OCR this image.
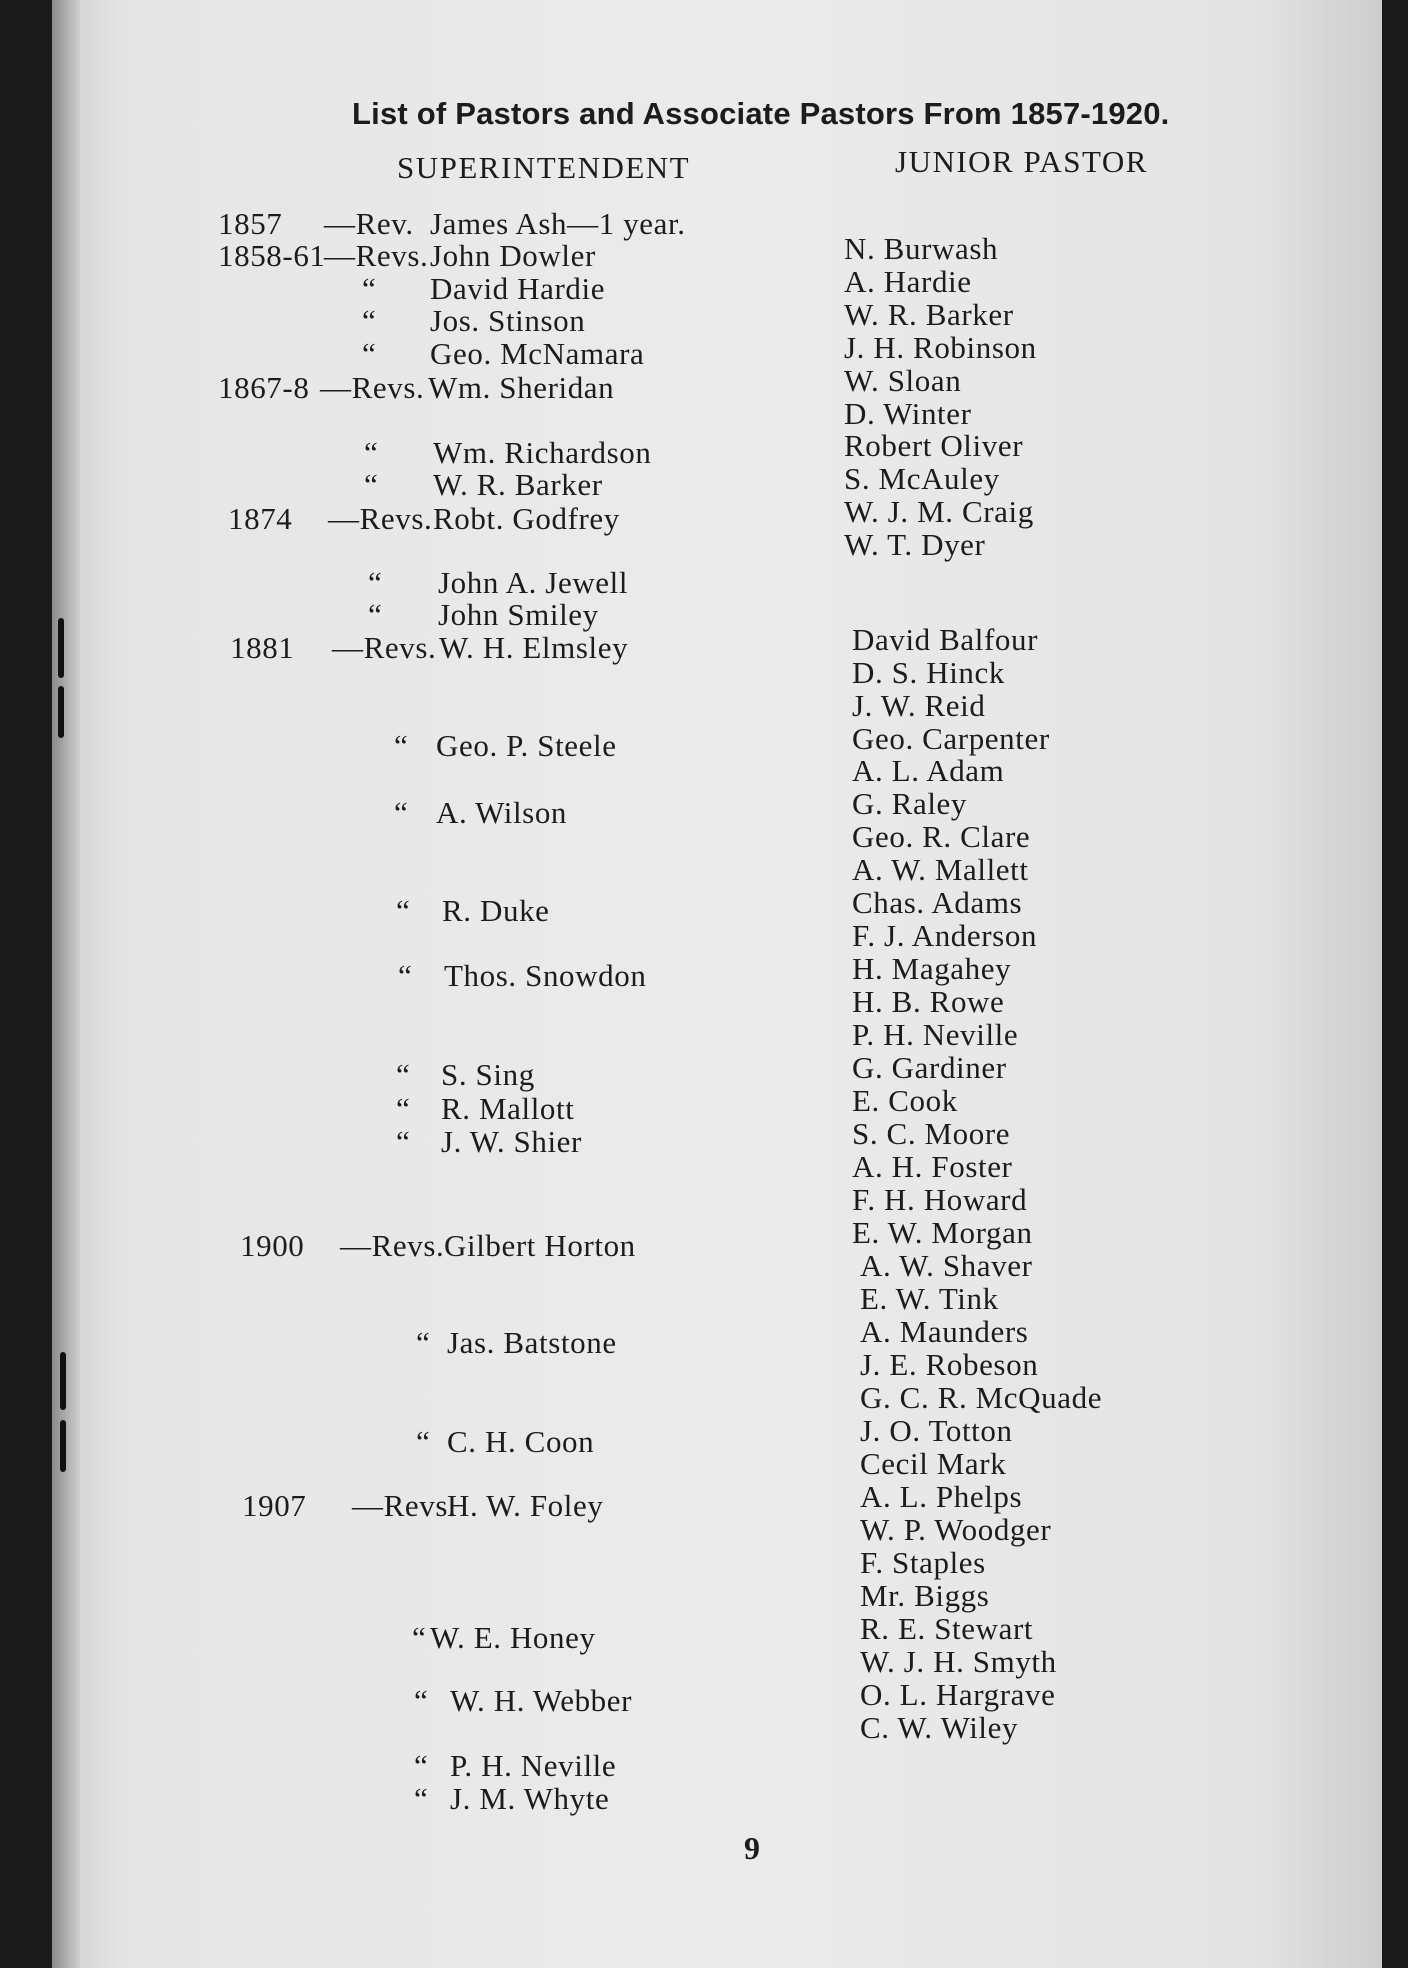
List of Pastors and Associate Pastors From 1857-1920.
SUPERINTENDENT	JUNIOR PASTOR
1857 —Rev. James Ash—1 year.
1858-61
—Revs. John Dowler
“ David Hardie
“ Jos. Stinson
“ Geo. McNamara
1867-8 —Revs. Wm. Sheridan
“ Wm. Richardson
“ W. R. Barker
1874 —Revs. Robt. Godfrey
“ John A. Jewell
“ John Smiley
1881 —Revs. W. H. Elmsley
“ Geo. P. Steele
“ A. Wilson
“ R. Duke
“ Thos. Snowdon
“ S. Sing
“ R. Mallott
“ J. W. Shier
1900 —Revs. Gilbert Horton
“ Jas. Batstone
“ C. H. Coon
1907 —Revs.
H. W. Foley
“ W. E. Honey
“ W. H. Webber
“ P. H. Neville
“ J. M. Whyte
N. Burwash
A. Hardie
W. R. Barker
J. H. Robinson
W. Sloan
D. Winter
Robert Oliver
S. McAuley
W. J. M. Craig
W. T. Dyer
David Balfour
D. S. Hinck
J. W. Reid
Geo. Carpenter
A. L. Adam
G. Raley
Geo. R. Clare
A. W. Mallett
Chas. Adams
F. J. Anderson
H. Magahey
H. B. Rowe
P. H. Neville
G. Gardiner
E. Cook
S. C. Moore
A. H. Foster
F. H. Howard
E. W. Morgan
A. W. Shaver
E. W. Tink
A. Maunders
J. E. Robeson
G. C. R. McQuade
J. O. Totton
Cecil Mark
A. L. Phelps
W. P. Woodger
F. Staples
Mr. Biggs
R. E. Stewart
W. J. H. Smyth
O. L. Hargrave
C. W. Wiley
9
